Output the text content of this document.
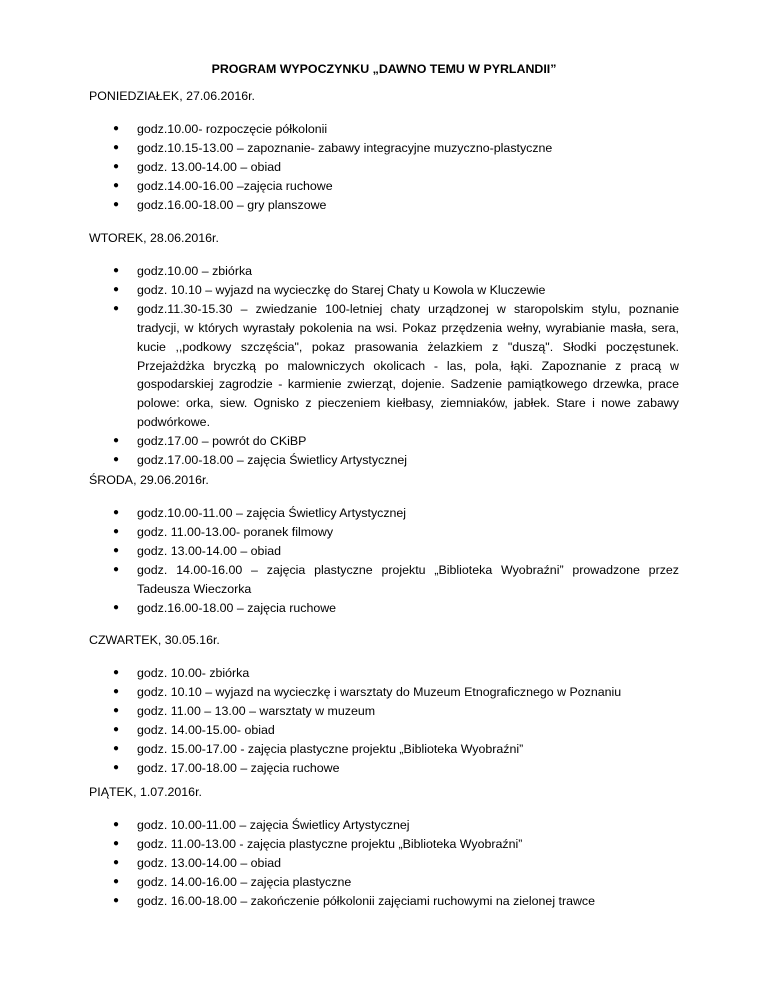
PROGRAM WYPOCZYNKU „DAWNO TEMU W PYRLANDII”
PONIEDZIAŁEK, 27.06.2016r.
● godz.10.00- rozpoczęcie półkolonii
● godz.10.15-13.00 – zapoznanie- zabawy integracyjne muzyczno-plastyczne
● godz. 13.00-14.00 – obiad
● godz.14.00-16.00 –zajęcia ruchowe
● godz.16.00-18.00 – gry planszowe
WTOREK, 28.06.2016r.
● godz.10.00 – zbiórka
● godz. 10.10 – wyjazd na wycieczkę do Starej Chaty u Kowola w Kluczewie
● godz.11.30-15.30 – zwiedzanie 100-letniej chaty urządzonej w staropolskim stylu, poznanie tradycji, w których wyrastały pokolenia na wsi. Pokaz przędzenia wełny, wyrabianie masła, sera, kucie ,,podkowy szczęścia", pokaz prasowania żelazkiem z "duszą". Słodki poczęstunek. Przejażdżka bryczką po malowniczych okolicach - las, pola, łąki. Zapoznanie z pracą w gospodarskiej zagrodzie - karmienie zwierząt, dojenie. Sadzenie pamiątkowego drzewka, prace polowe: orka, siew. Ognisko z pieczeniem kiełbasy, ziemniaków, jabłek. Stare i nowe zabawy podwórkowe.
● godz.17.00 – powrót do CKiBP
● godz.17.00-18.00 – zajęcia Świetlicy Artystycznej
ŚRODA, 29.06.2016r.
● godz.10.00-11.00 – zajęcia Świetlicy Artystycznej
● godz. 11.00-13.00- poranek filmowy
● godz. 13.00-14.00 – obiad
● godz. 14.00-16.00 – zajęcia plastyczne projektu „Biblioteka Wyobraźni” prowadzone przez Tadeusza Wieczorka
● godz.16.00-18.00 – zajęcia ruchowe
CZWARTEK, 30.05.16r.
● godz. 10.00- zbiórka
● godz. 10.10 – wyjazd na wycieczkę i warsztaty do Muzeum Etnograficznego w Poznaniu
● godz. 11.00 – 13.00 – warsztaty w muzeum
● godz. 14.00-15.00- obiad
● godz. 15.00-17.00 - zajęcia plastyczne projektu „Biblioteka Wyobraźni”
● godz. 17.00-18.00 – zajęcia ruchowe
PIĄTEK, 1.07.2016r.
● godz. 10.00-11.00 – zajęcia Świetlicy Artystycznej
● godz. 11.00-13.00 - zajęcia plastyczne projektu „Biblioteka Wyobraźni”
● godz. 13.00-14.00 – obiad
● godz. 14.00-16.00 – zajęcia plastyczne
● godz. 16.00-18.00 – zakończenie półkolonii zajęciami ruchowymi na zielonej trawce
